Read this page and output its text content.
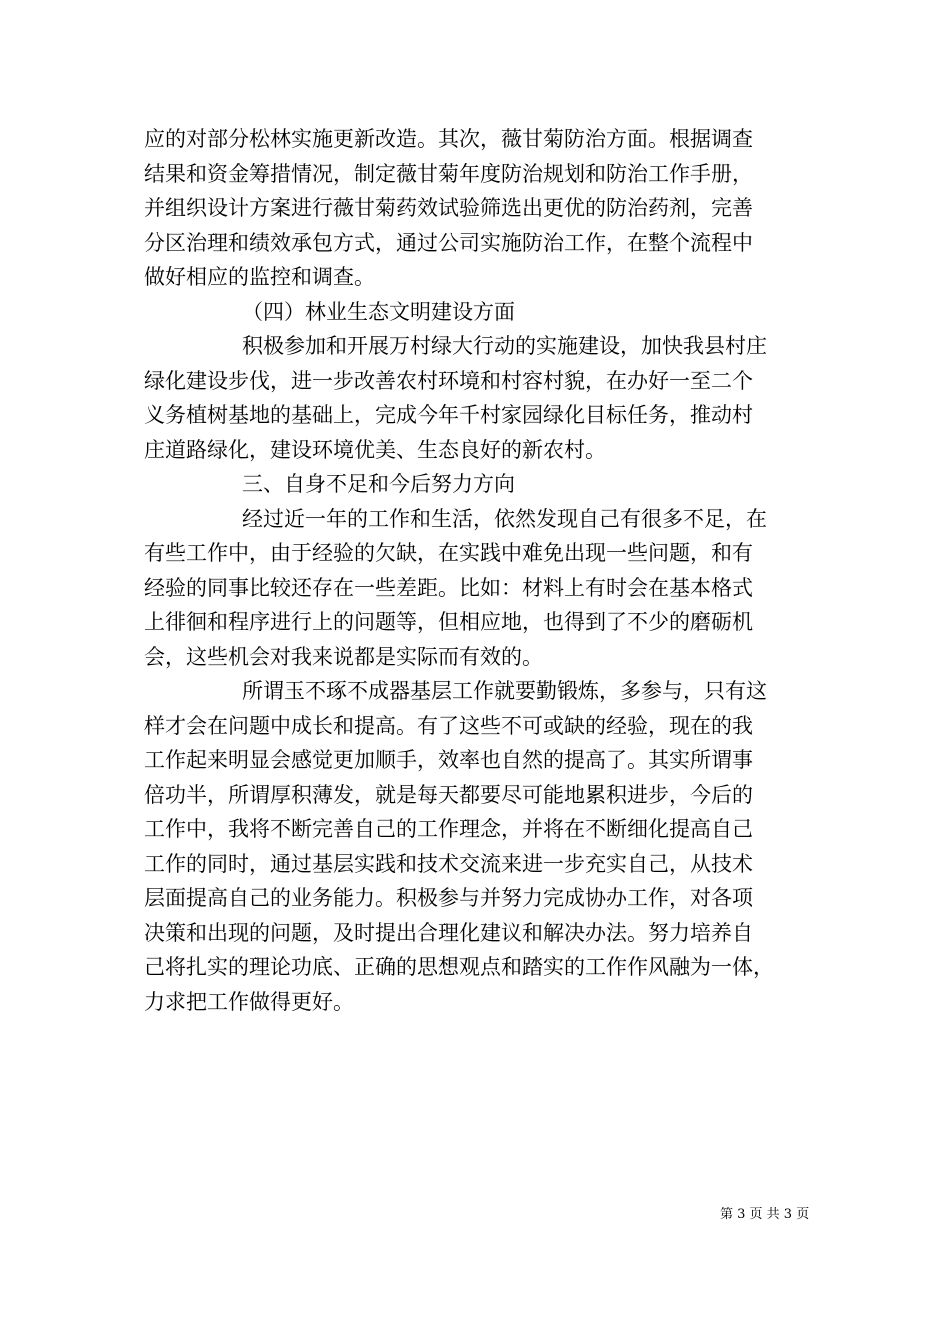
应的对部分松林实施更新改造。其次，薇甘菊防治方面。根据调查
结果和资金筹措情况，制定薇甘菊年度防治规划和防治工作手册，
并组织设计方案进行薇甘菊药效试验筛选出更优的防治药剂，完善
分区治理和绩效承包方式，通过公司实施防治工作，在整个流程中
做好相应的监控和调查。
（四）林业生态文明建设方面
积极参加和开展万村绿大行动的实施建设，加快我县村庄
绿化建设步伐，进一步改善农村环境和村容村貌，在办好一至二个
义务植树基地的基础上，完成今年千村家园绿化目标任务，推动村
庄道路绿化，建设环境优美、生态良好的新农村。
三、自身不足和今后努力方向
经过近一年的工作和生活，依然发现自己有很多不足，在
有些工作中，由于经验的欠缺，在实践中难免出现一些问题，和有
经验的同事比较还存在一些差距。比如：材料上有时会在基本格式
上徘徊和程序进行上的问题等，但相应地，也得到了不少的磨砺机
会，这些机会对我来说都是实际而有效的。
所谓玉不琢不成器基层工作就要勤锻炼，多参与，只有这
样才会在问题中成长和提高。有了这些不可或缺的经验，现在的我
工作起来明显会感觉更加顺手，效率也自然的提高了。其实所谓事
倍功半，所谓厚积薄发，就是每天都要尽可能地累积进步，今后的
工作中，我将不断完善自己的工作理念，并将在不断细化提高自己
工作的同时，通过基层实践和技术交流来进一步充实自己，从技术
层面提高自己的业务能力。积极参与并努力完成协办工作，对各项
决策和出现的问题，及时提出合理化建议和解决办法。努力培养自
己将扎实的理论功底、正确的思想观点和踏实的工作作风融为一体，
力求把工作做得更好。
第 3 页 共 3 页
